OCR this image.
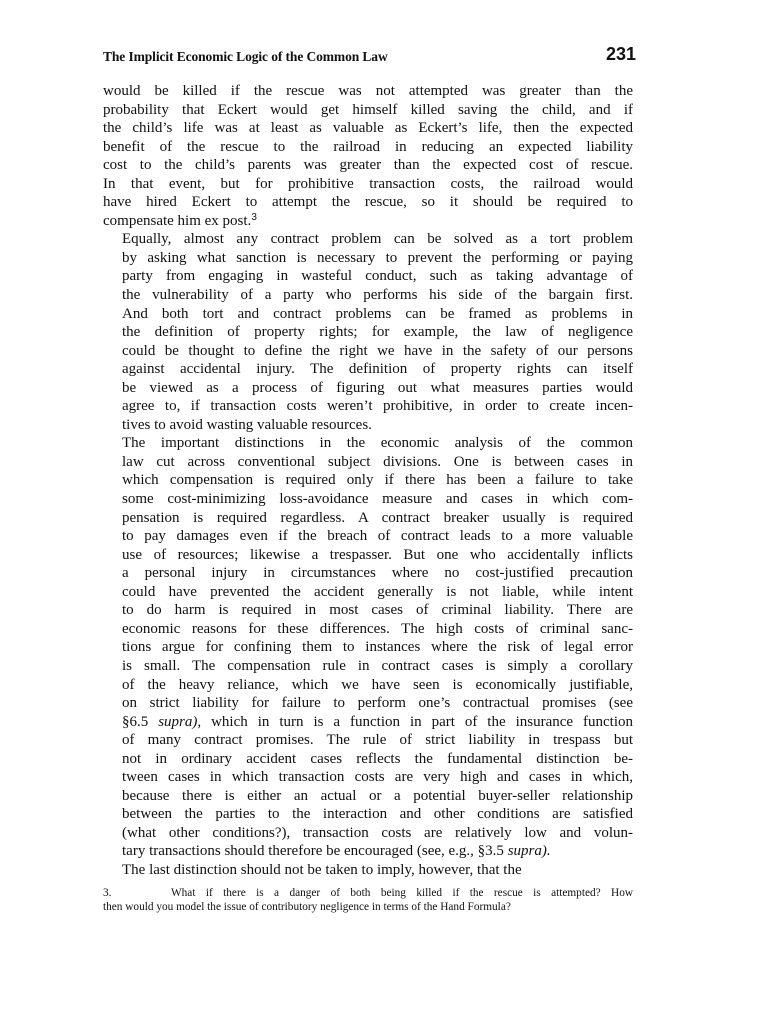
The Implicit Economic Logic of the Common Law	231

would be killed if the rescue was not attempted was greater than the
probability that Eckert would get himself killed saving the child, and if
the child’s life was at least as valuable as Eckert’s life, then the expected
benefit of the rescue to the railroad in reducing an expected liability
cost to the child’s parents was greater than the expected cost of rescue.
In that event, but for prohibitive transaction costs, the railroad would
have hired Eckert to attempt the rescue, so it should be required to
compensate him ex post.$^3$

Equally, almost any contract problem can be solved as a tort problem
by asking what sanction is necessary to prevent the performing or paying
party from engaging in wasteful conduct, such as taking advantage of
the vulnerability of a party who performs his side of the bargain first.
And both tort and contract problems can be framed as problems in
the definition of property rights; for example, the law of negligence
could be thought to define the right we have in the safety of our persons
against accidental injury. The definition of property rights can itself
be viewed as a process of figuring out what measures parties would
agree to, if transaction costs weren’t prohibitive, in order to create incen-
tives to avoid wasting valuable resources.

The important distinctions in the economic analysis of the common
law cut across conventional subject divisions. One is between cases in
which compensation is required only if there has been a failure to take
some cost-minimizing loss-avoidance measure and cases in which com-
pensation is required regardless. A contract breaker usually is required
to pay damages even if the breach of contract leads to a more valuable
use of resources; likewise a trespasser. But one who accidentally inflicts
a personal injury in circumstances where no cost-justified precaution
could have prevented the accident generally is not liable, while intent
to do harm is required in most cases of criminal liability. There are
economic reasons for these differences. The high costs of criminal sanc-
tions argue for confining them to instances where the risk of legal error
is small. The compensation rule in contract cases is simply a corollary
of the heavy reliance, which we have seen is economically justifiable,
on strict liability for failure to perform one’s contractual promises (see
§6.5 supra), which in turn is a function in part of the insurance function
of many contract promises. The rule of strict liability in trespass but
not in ordinary accident cases reflects the fundamental distinction be-
tween cases in which transaction costs are very high and cases in which,
because there is either an actual or a potential buyer-seller relationship
between the parties to the interaction and other conditions are satisfied
(what other conditions?), transaction costs are relatively low and volun-
tary transactions should therefore be encouraged (see, e.g., §3.5 supra).

The last distinction should not be taken to imply, however, that the

3.	What if there is a danger of both being killed if the rescue is attempted? How
then would you model the issue of contributory negligence in terms of the Hand Formula?
